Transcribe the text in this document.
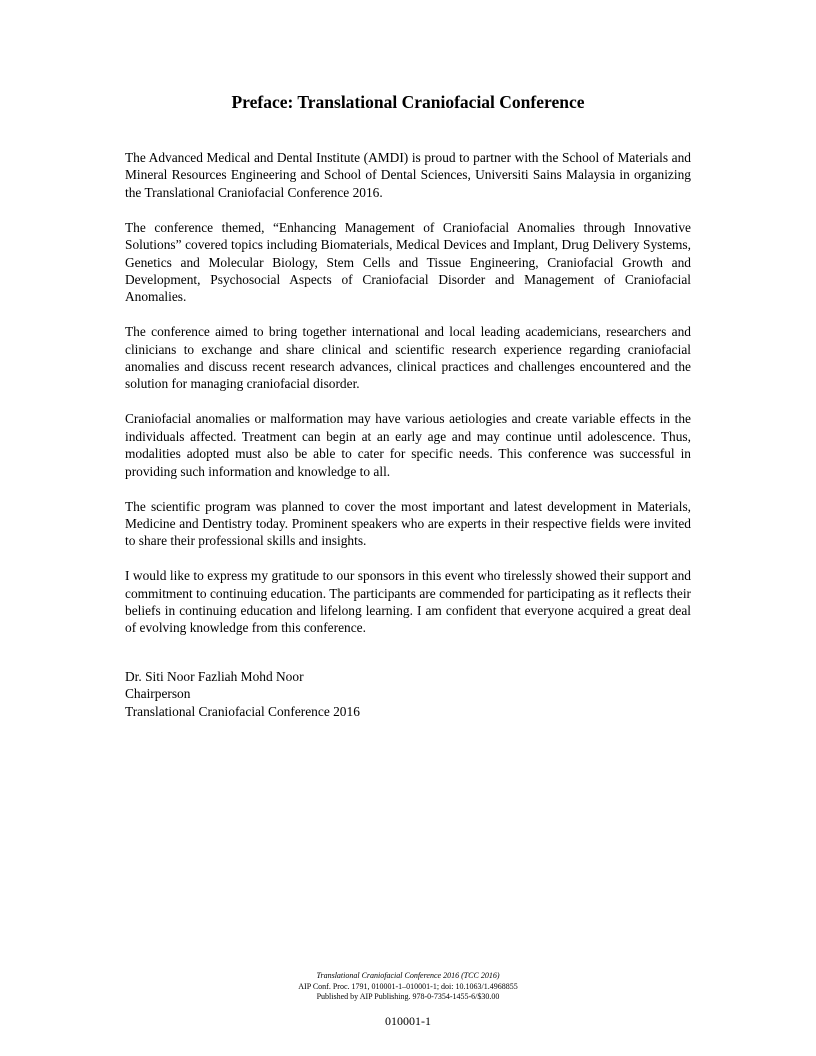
Preface: Translational Craniofacial Conference

The Advanced Medical and Dental Institute (AMDI) is proud to partner with the School of Materials and Mineral Resources Engineering and School of Dental Sciences, Universiti Sains Malaysia in organizing the Translational Craniofacial Conference 2016.

The conference themed, “Enhancing Management of Craniofacial Anomalies through Innovative Solutions” covered topics including Biomaterials, Medical Devices and Implant, Drug Delivery Systems, Genetics and Molecular Biology, Stem Cells and Tissue Engineering, Craniofacial Growth and Development, Psychosocial Aspects of Craniofacial Disorder and Management of Craniofacial Anomalies.

The conference aimed to bring together international and local leading academicians, researchers and clinicians to exchange and share clinical and scientific research experience regarding craniofacial anomalies and discuss recent research advances, clinical practices and challenges encountered and the solution for managing craniofacial disorder.

Craniofacial anomalies or malformation may have various aetiologies and create variable effects in the individuals affected. Treatment can begin at an early age and may continue until adolescence. Thus, modalities adopted must also be able to cater for specific needs. This conference was successful in providing such information and knowledge to all.

The scientific program was planned to cover the most important and latest development in Materials, Medicine and Dentistry today. Prominent speakers who are experts in their respective fields were invited to share their professional skills and insights.

I would like to express my gratitude to our sponsors in this event who tirelessly showed their support and commitment to continuing education. The participants are commended for participating as it reflects their beliefs in continuing education and lifelong learning. I am confident that everyone acquired a great deal of evolving knowledge from this conference.

Dr. Siti Noor Fazliah Mohd Noor
Chairperson
Translational Craniofacial Conference 2016
Translational Craniofacial Conference 2016 (TCC 2016)
AIP Conf. Proc. 1791, 010001-1–010001-1; doi: 10.1063/1.4968855
Published by AIP Publishing. 978-0-7354-1455-6/$30.00
010001-1
